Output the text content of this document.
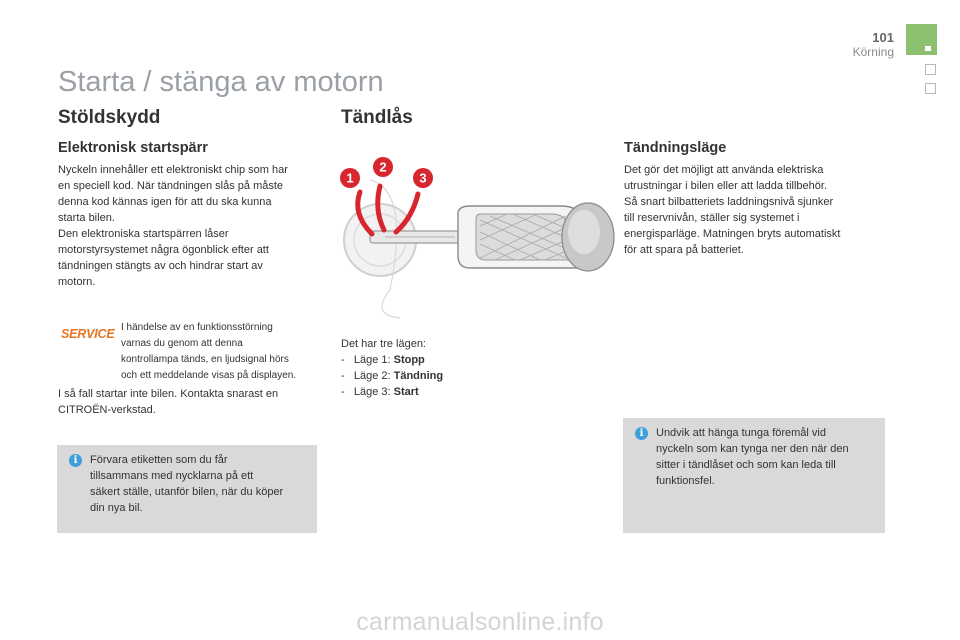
101
Körning
Starta / stänga av motorn
Stöldskydd
Elektronisk startspärr
Nyckeln innehåller ett elektroniskt chip som har
en speciell kod. När tändningen slås på måste
denna kod kännas igen för att du ska kunna
starta bilen.
Den elektroniska startspärren låser
motorstyrsystemet några ögonblick efter att
tändningen stängts av och hindrar start av
motorn.
SERVICE I händelse av en funktionsstörning
varnas du genom att denna
kontrollampa tänds, en ljudsignal hörs
och ett meddelande visas på displayen.
I så fall startar inte bilen. Kontakta snarast en
CITROËN-verkstad.
i	Förvara etiketten som du får
tillsammans med nycklarna på ett
säkert ställe, utanför bilen, när du köper
din nya bil.
Tändlås
1
2
3
Det har tre lägen:
-   Läge 1: Stopp
-   Läge 2: Tändning
-   Läge 3: Start
Tändningsläge
Det gör det möjligt att använda elektriska
utrustningar i bilen eller att ladda tillbehör.
Så snart bilbatteriets laddningsnivå sjunker
till reservnivån, ställer sig systemet i
energisparläge. Matningen bryts automatiskt
för att spara på batteriet.
i	Undvik att hänga tunga föremål vid
nyckeln som kan tynga ner den när den
sitter i tändlåset och som kan leda till
funktionsfel.
carmanualsonline.info
